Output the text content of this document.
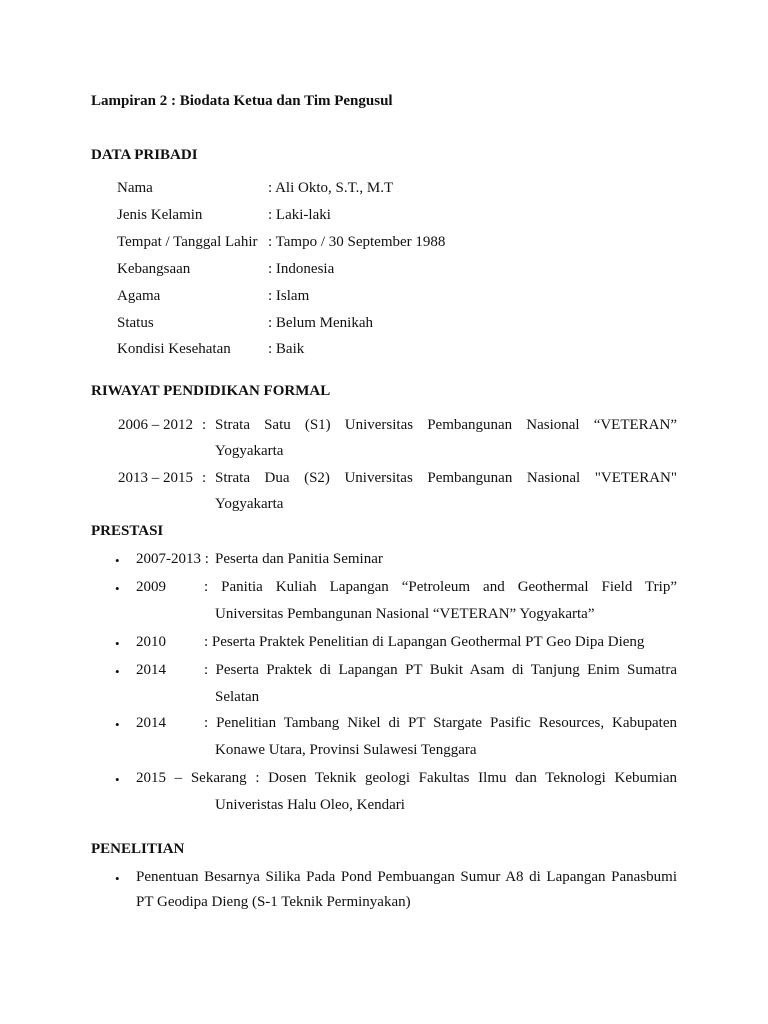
Lampiran 2 : Biodata Ketua dan Tim Pengusul
DATA PRIBADI
Nama	: Ali Okto, S.T., M.T
Jenis Kelamin	: Laki-laki
Tempat / Tanggal Lahir : Tampo / 30 September 1988
Kebangsaan	: Indonesia
Agama	: Islam
Status	: Belum Menikah
Kondisi Kesehatan : Baik
RIWAYAT PENDIDIKAN FORMAL
2006 – 2012 : Strata Satu (S1) Universitas Pembangunan Nasional “VETERAN”
Yogyakarta
2013 – 2015 : Strata Dua (S2) Universitas Pembangunan Nasional "VETERAN"
Yogyakarta
PRESTASI
• 2007-2013 : Peserta dan Panitia Seminar
• 2009	: Panitia Kuliah Lapangan “Petroleum and Geothermal Field Trip”
Universitas Pembangunan Nasional “VETERAN” Yogyakarta”
• 2010	: Peserta Praktek Penelitian di Lapangan Geothermal PT Geo Dipa Dieng
• 2014	: Peserta Praktek di Lapangan PT Bukit Asam di Tanjung Enim Sumatra
Selatan
• 2014	: Penelitian Tambang Nikel di PT Stargate Pasific Resources, Kabupaten
Konawe Utara, Provinsi Sulawesi Tenggara
• 2015 – Sekarang : Dosen Teknik geologi Fakultas Ilmu dan Teknologi Kebumian
Univeristas Halu Oleo, Kendari
PENELITIAN
• Penentuan Besarnya Silika Pada Pond Pembuangan Sumur A8 di Lapangan Panasbumi
PT Geodipa Dieng (S-1 Teknik Perminyakan)
